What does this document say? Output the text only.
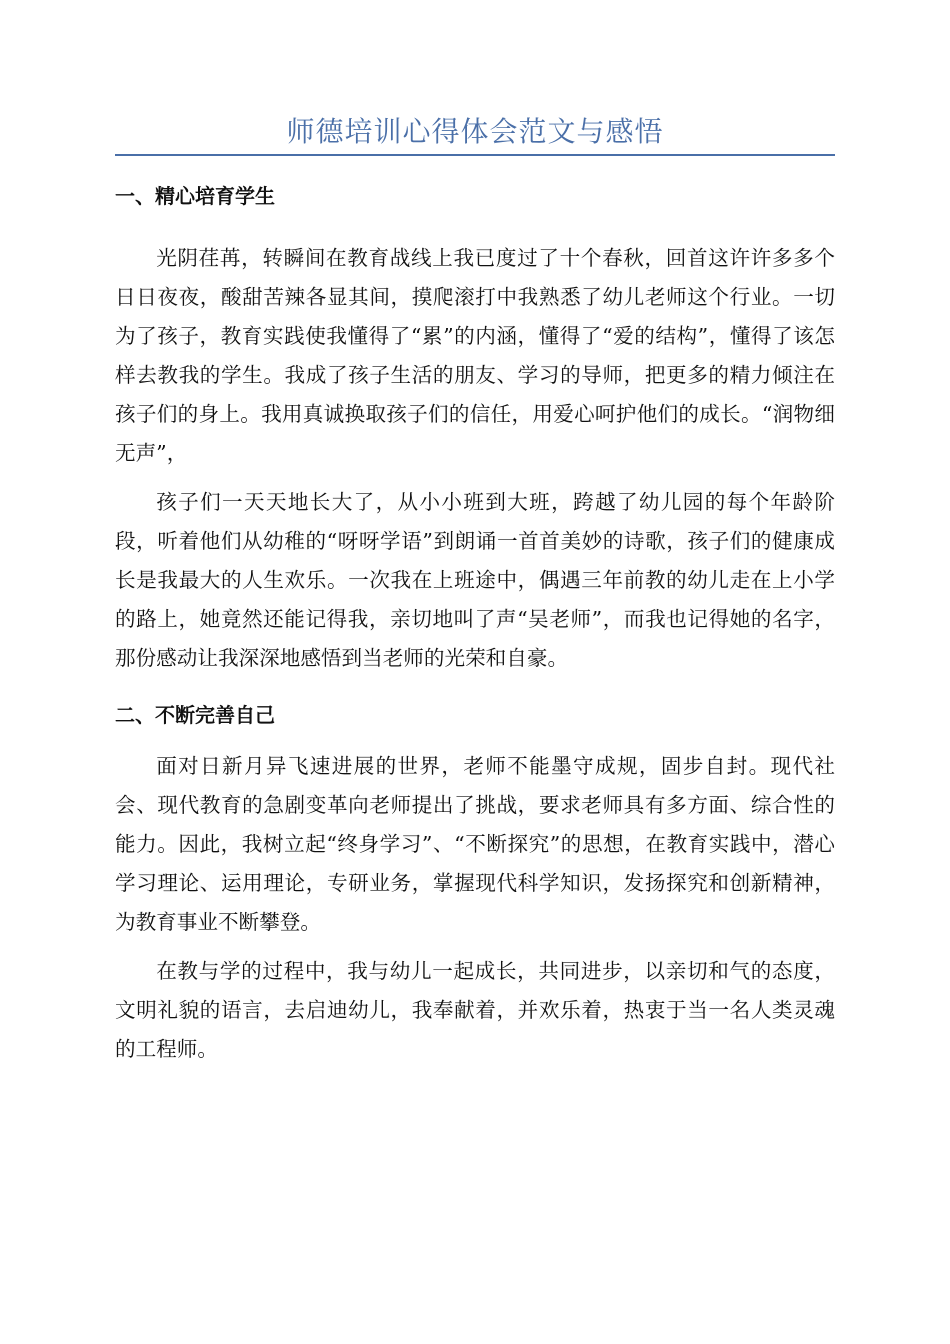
师德培训心得体会范文与感悟
一、精心培育学生

光阴荏苒，转瞬间在教育战线上我已度过了十个春秋，回首这许许多多个日日夜夜，酸甜苦辣各显其间，摸爬滚打中我熟悉了幼儿老师这个行业。一切为了孩子，教育实践使我懂得了“累”的内涵，懂得了“爱的结构”，懂得了该怎样去教我的学生。我成了孩子生活的朋友、学习的导师，把更多的精力倾注在孩子们的身上。我用真诚换取孩子们的信任，用爱心呵护他们的成长。“润物细无声”，

孩子们一天天地长大了，从小小班到大班，跨越了幼儿园的每个年龄阶段，听着他们从幼稚的“呀呀学语”到朗诵一首首美妙的诗歌，孩子们的健康成长是我最大的人生欢乐。一次我在上班途中，偶遇三年前教的幼儿走在上小学的路上，她竟然还能记得我，亲切地叫了声“吴老师”，而我也记得她的名字，那份感动让我深深地感悟到当老师的光荣和自豪。

二、不断完善自己

面对日新月异飞速进展的世界，老师不能墨守成规，固步自封。现代社会、现代教育的急剧变革向老师提出了挑战，要求老师具有多方面、综合性的能力。因此，我树立起“终身学习”、“不断探究”的思想，在教育实践中，潜心学习理论、运用理论，专研业务，掌握现代科学知识，发扬探究和创新精神，为教育事业不断攀登。

在教与学的过程中，我与幼儿一起成长，共同进步，以亲切和气的态度，文明礼貌的语言，去启迪幼儿，我奉献着，并欢乐着，热衷于当一名人类灵魂的工程师。
